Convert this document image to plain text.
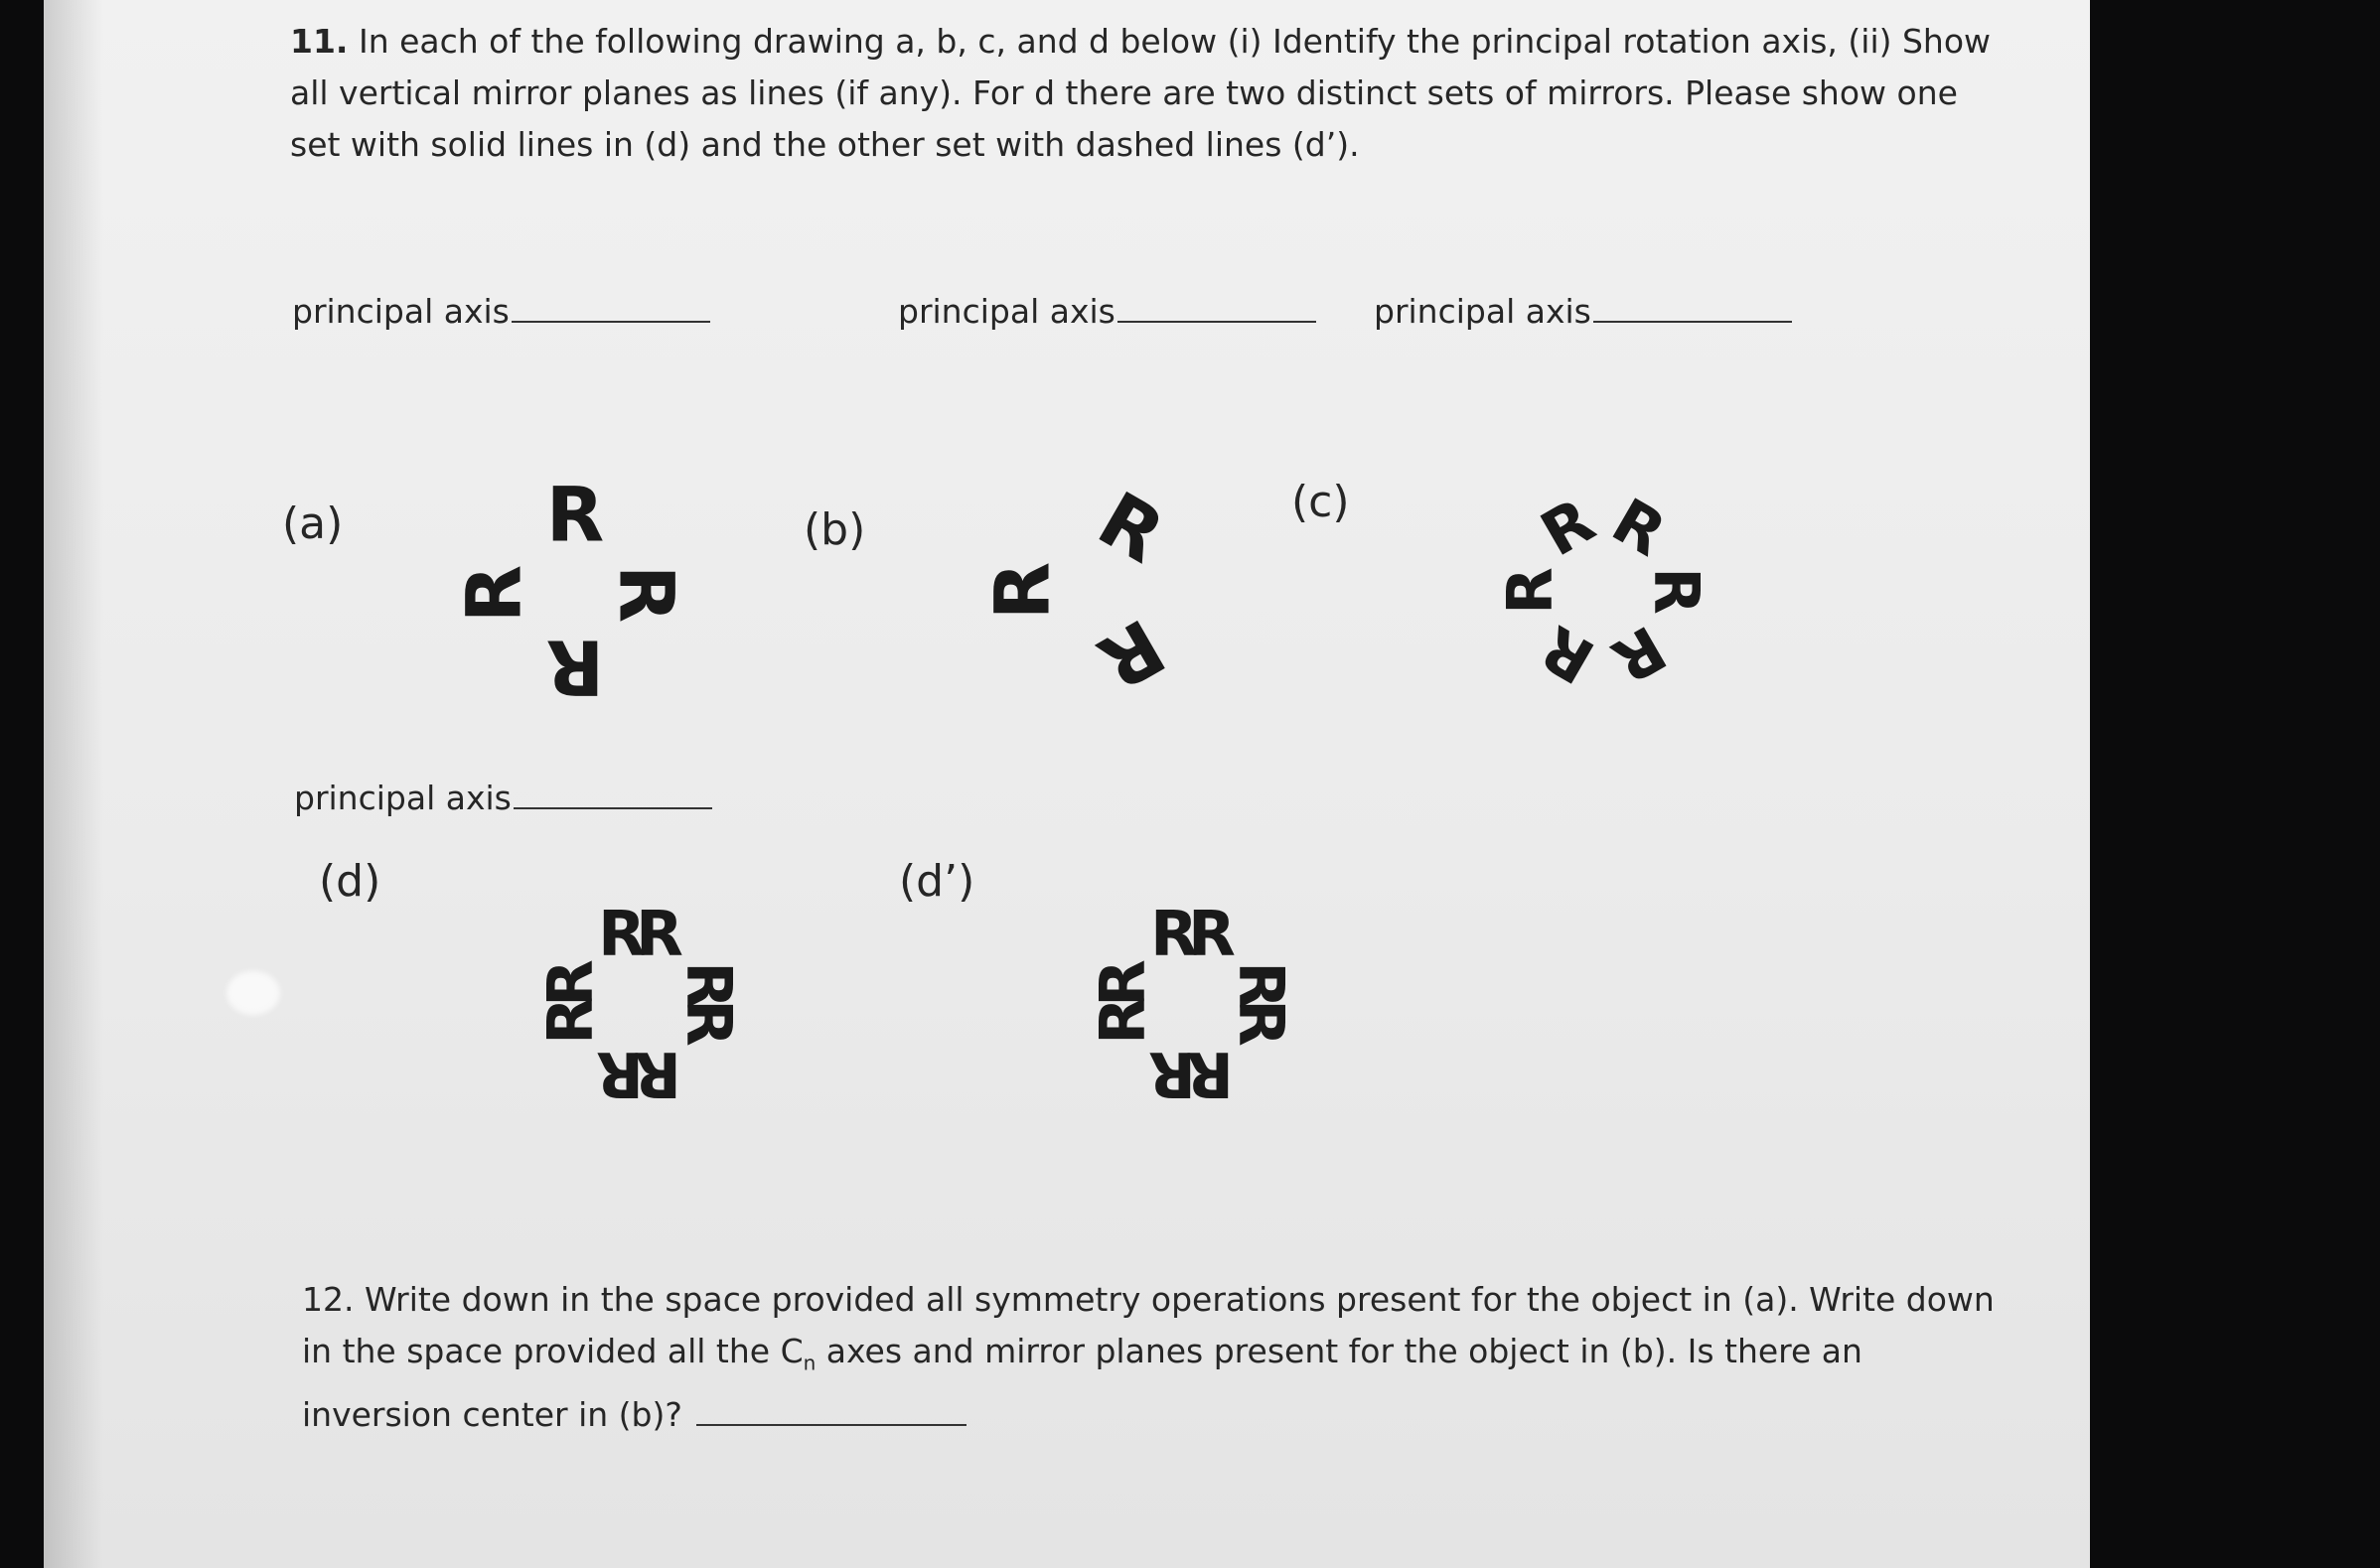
11. In each of the following drawing a, b, c, and d below (i) Identify the principal rotation axis, (ii) Show
all vertical mirror planes as lines (if any). For d there are two distinct sets of mirrors. Please show one
set with solid lines in (d) and the other set with dashed lines (d’).
principal axis	principal axis	principal axis
(a)	(b)
(c)
R
R
R
R	R
R
R
R
R
R
R
R
R
principal axis
(d)	(d’)
R
R
R
R
R
R
R
R
R
R
R
R
R
R
R
R
12. Write down in the space provided all symmetry operations present for the object in (a). Write down
in the space provided all the $C_n$ axes and mirror planes present for the object in (b). Is there an
inversion center in (b)?
